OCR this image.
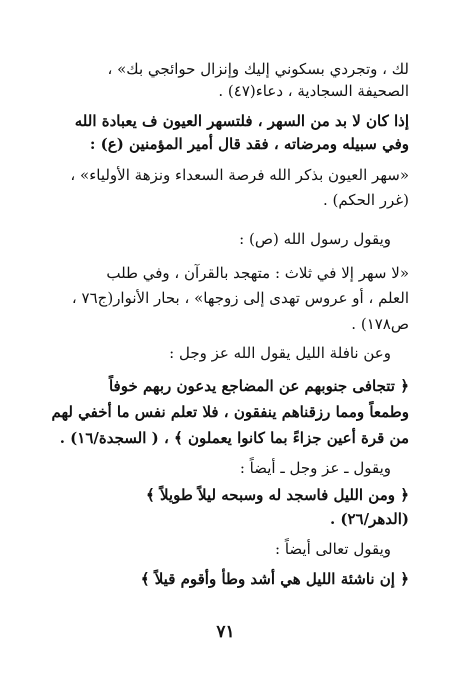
لك ، وتجردي بسكوني إليك وإنزال حوائجي بك» ،
الصحيفة السجادية ، دعاء(٤٧) .
إذا كان لا بد من السهر ، فلتسهر العيون ف يعبادة الله
وفي سبيله ومرضاته ، فقد قال أمير المؤمنين (ع) :
«سهر العيون بذكر الله فرصة السعداء ونزهة الأولياء» ،
(غرر الحكم) .
ويقول رسول الله (ص) :
«لا سهر إلا في ثلاث : متهجد بالقرآن ، وفي طلب
العلم ، أو عروس تهدى إلى زوجها» ، بحار الأنوار(ج٧٦ ،
ص١٧٨) .
وعن نافلة الليل يقول الله عز وجل :
﴿ تتجافى جنوبهم عن المضاجع يدعون ربهم خوفاً
وطمعاً ومما رزقناهم ينفقون ، فلا تعلم نفس ما أخفي لهم
من قرة أعين جزاءً بما كانوا يعملون ﴾ ، ( السجدة/١٦) .
ويقول ـ عز وجل ـ أيضاً :
﴿ ومن الليل فاسجد له وسبحه ليلاً طويلاً ﴾
(الدهر/٢٦) .
ويقول تعالى أيضاً :
﴿ إن ناشئة الليل هي أشد وطأً وأقوم قيلاً ﴾
٧١
